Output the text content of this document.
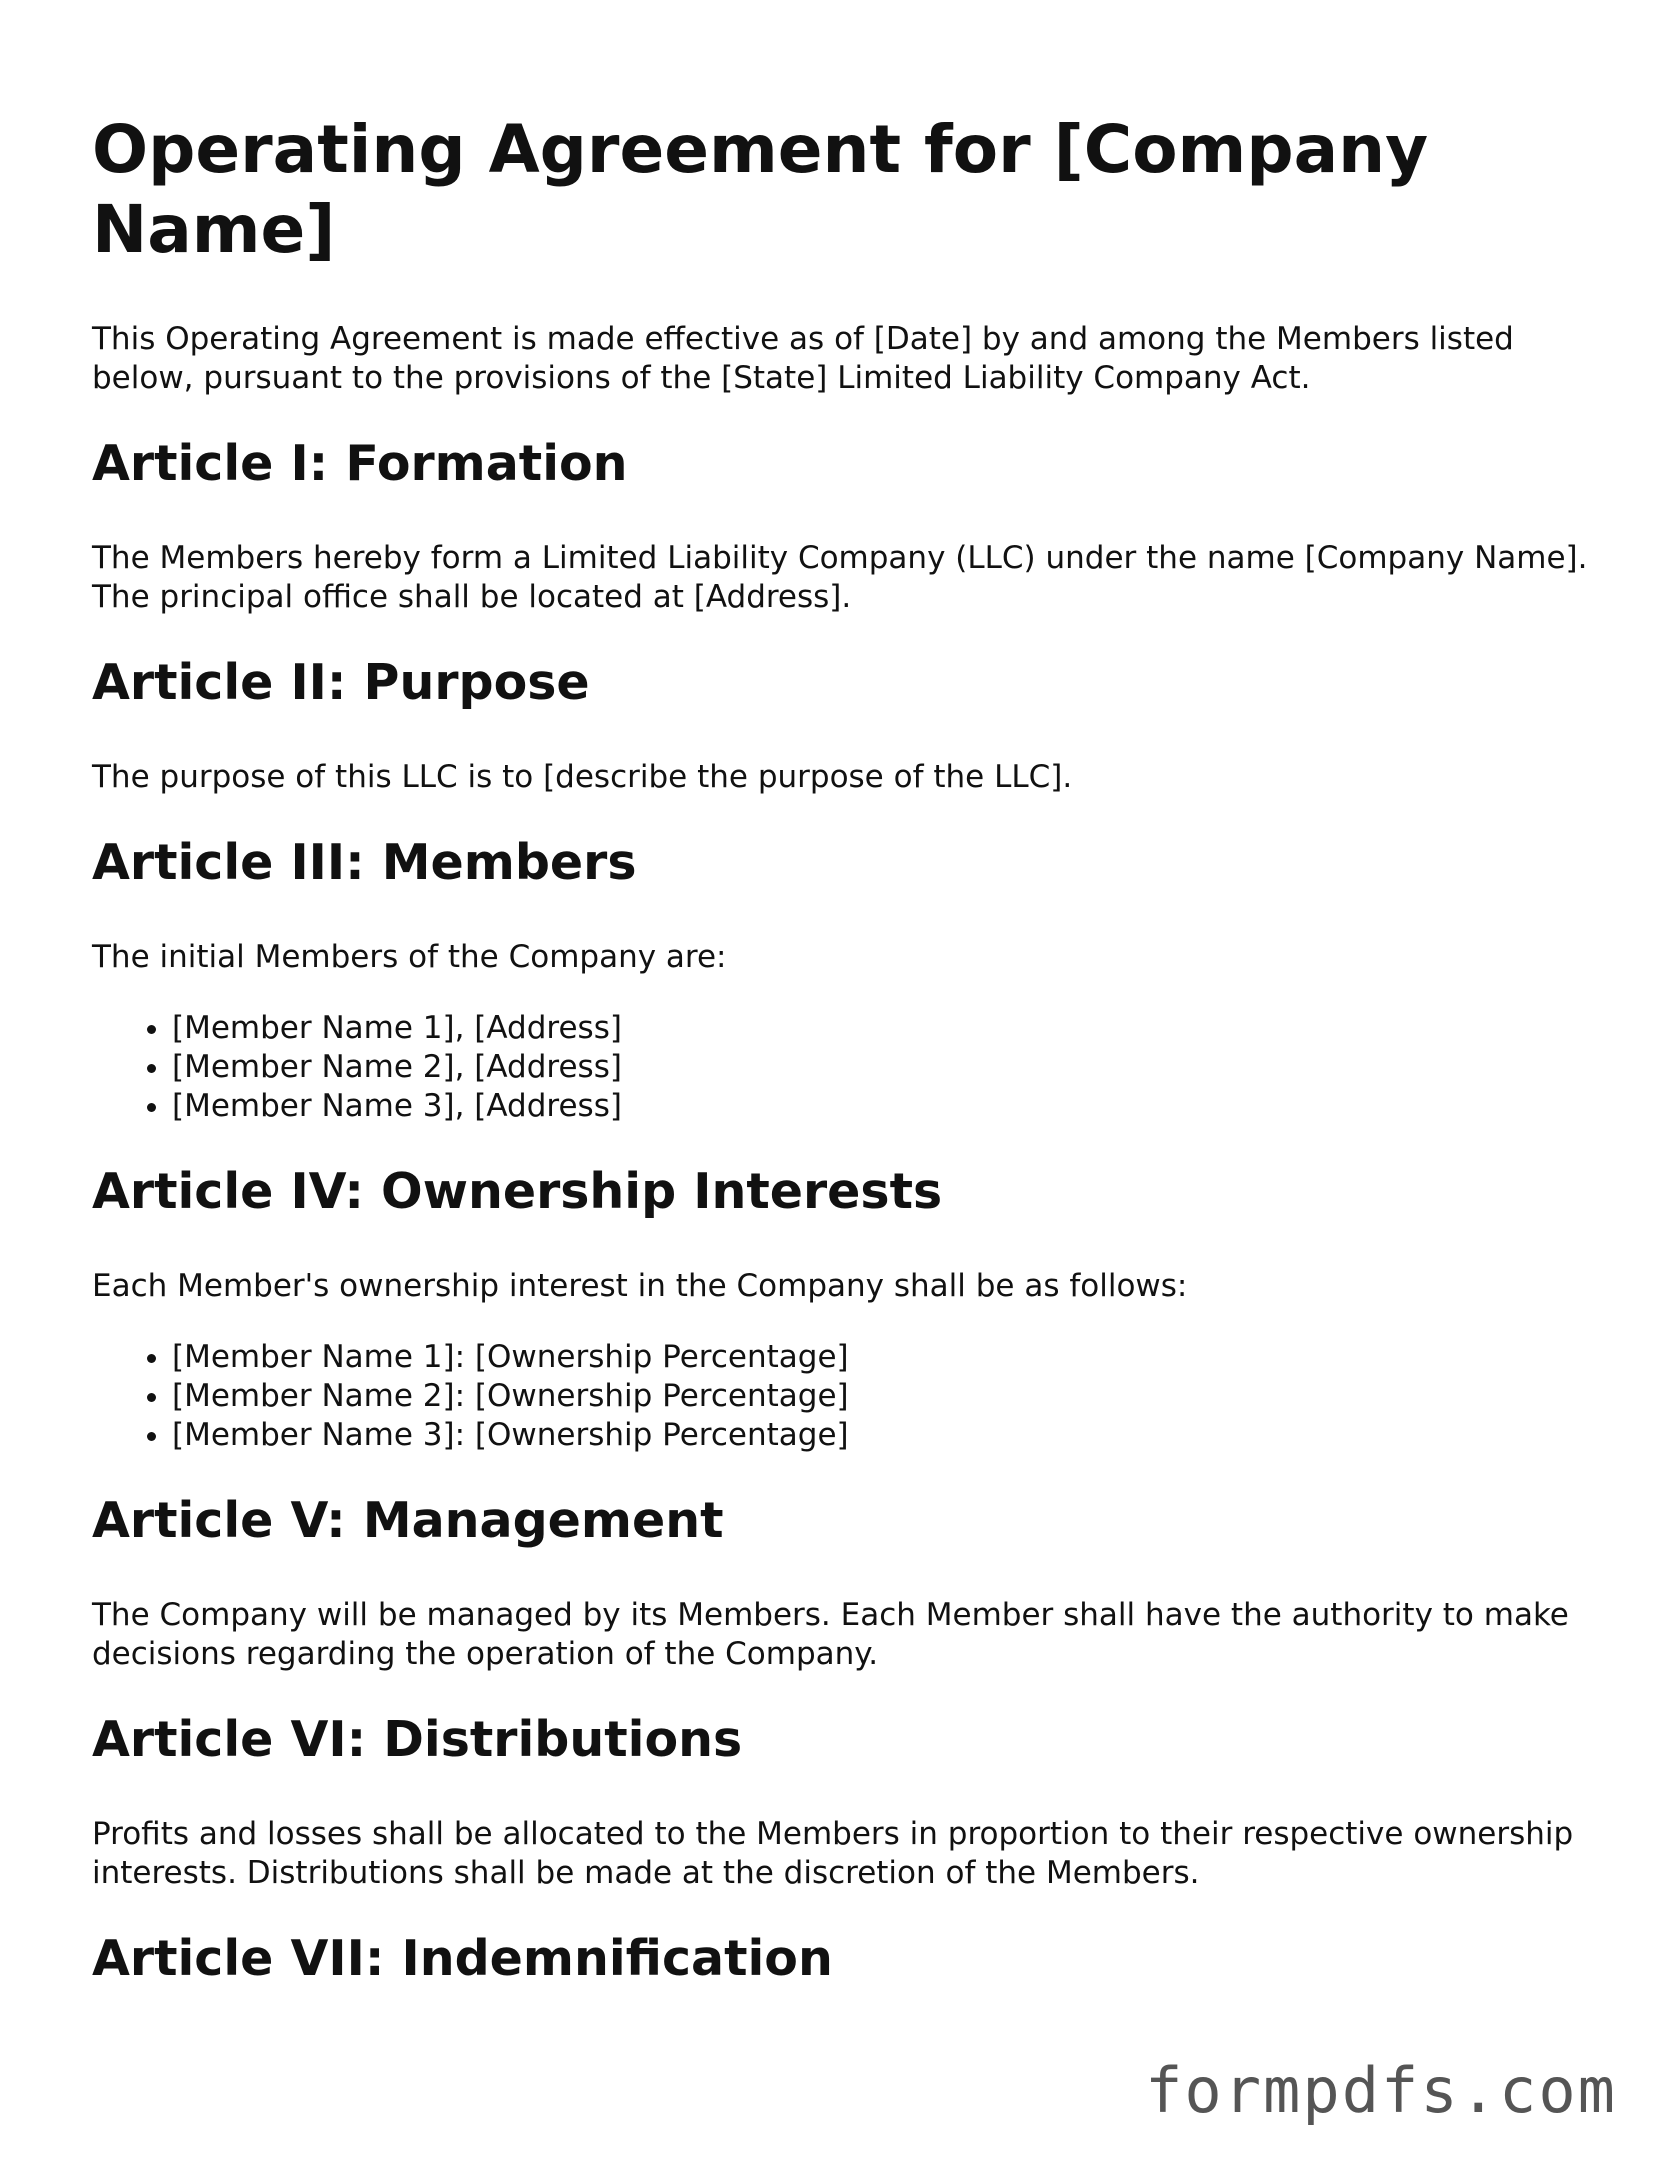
Operating Agreement for [Company Name]

This Operating Agreement is made effective as of [Date] by and among the Members listed below, pursuant to the provisions of the [State] Limited Liability Company Act.

Article I: Formation

The Members hereby form a Limited Liability Company (LLC) under the name [Company Name]. The principal office shall be located at [Address].

Article II: Purpose

The purpose of this LLC is to [describe the purpose of the LLC].

Article III: Members

The initial Members of the Company are:

• [Member Name 1], [Address]
• [Member Name 2], [Address]
• [Member Name 3], [Address]
Article IV: Ownership Interests

Each Member's ownership interest in the Company shall be as follows:

• [Member Name 1]: [Ownership Percentage]
• [Member Name 2]: [Ownership Percentage]
• [Member Name 3]: [Ownership Percentage]
Article V: Management

The Company will be managed by its Members. Each Member shall have the authority to make decisions regarding the operation of the Company.

Article VI: Distributions

Profits and losses shall be allocated to the Members in proportion to their respective ownership interests. Distributions shall be made at the discretion of the Members.

Article VII: Indemnification
formpdfs.com
